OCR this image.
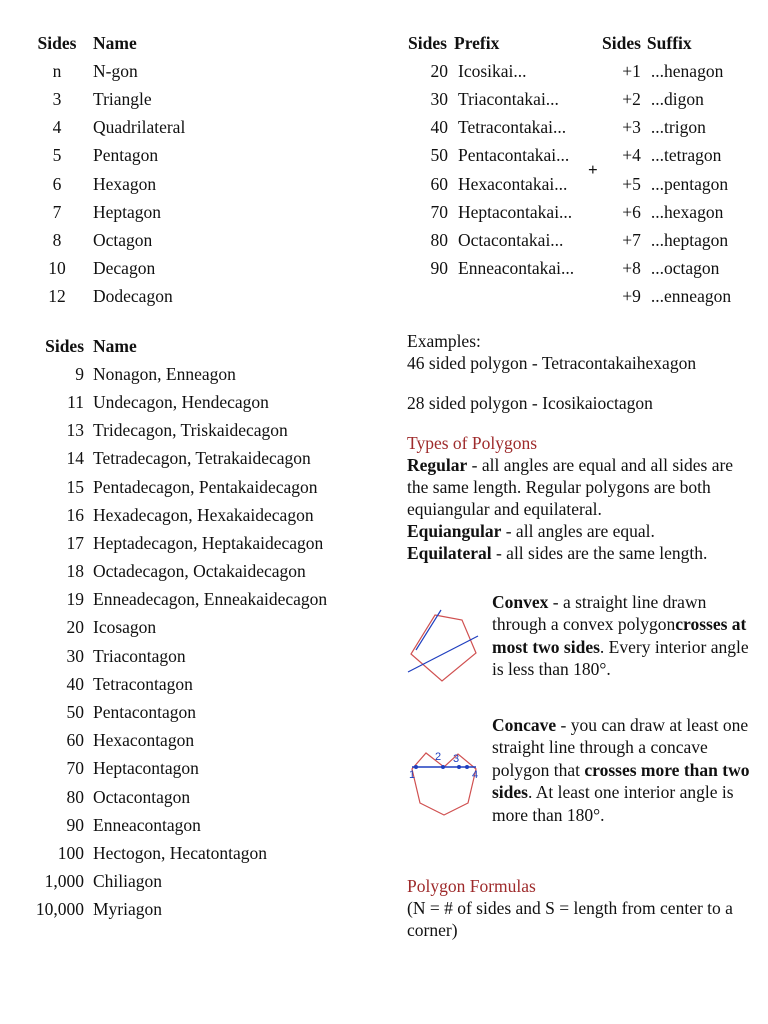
Sides	Name
n	N-gon
3	Triangle
4	Quadrilateral
5	Pentagon
6	Hexagon
7	Heptagon
8	Octagon
10	Decagon
12	Dodecagon
Sides	Name
9	Nonagon, Enneagon
11	Undecagon, Hendecagon
13	Tridecagon, Triskaidecagon
14	Tetradecagon, Tetrakaidecagon
15	Pentadecagon, Pentakaidecagon
16	Hexadecagon, Hexakaidecagon
17	Heptadecagon, Heptakaidecagon
18	Octadecagon, Octakaidecagon
19	Enneadecagon, Enneakaidecagon
20	Icosagon
30	Triacontagon
40	Tetracontagon
50	Pentacontagon
60	Hexacontagon
70	Heptacontagon
80	Octacontagon
90	Enneacontagon
100	Hectogon, Hecatontagon
1,000	Chiliagon
10,000	Myriagon
Sides	Prefix
20	Icosikai...
30	Triacontakai...
40	Tetracontakai...
50	Pentacontakai...
60	Hexacontakai...
70	Heptacontakai...
80	Octacontakai...
90	Enneacontakai...
+
Sides	Suffix
+1	...henagon
+2	...digon
+3	...trigon
+4	...tetragon
+5	...pentagon
+6	...hexagon
+7	...heptagon
+8	...octagon
+9	...enneagon
Examples:
46 sided polygon - Tetracontakaihexagon
28 sided polygon - Icosikaioctagon
Types of Polygons
Regular - all angles are equal and all sides are the same length. Regular polygons are both equiangular and equilateral.
Equiangular - all angles are equal.
Equilateral - all sides are the same length.
Convex - a straight line drawn through a convex polygoncrosses at most two sides. Every interior angle is less than 180°.
1
2 3
4
Concave - you can draw at least one straight line through a concave polygon that crosses more than two sides. At least one interior angle is more than 180°.
Polygon Formulas
(N = # of sides and S = length from center to a corner)
